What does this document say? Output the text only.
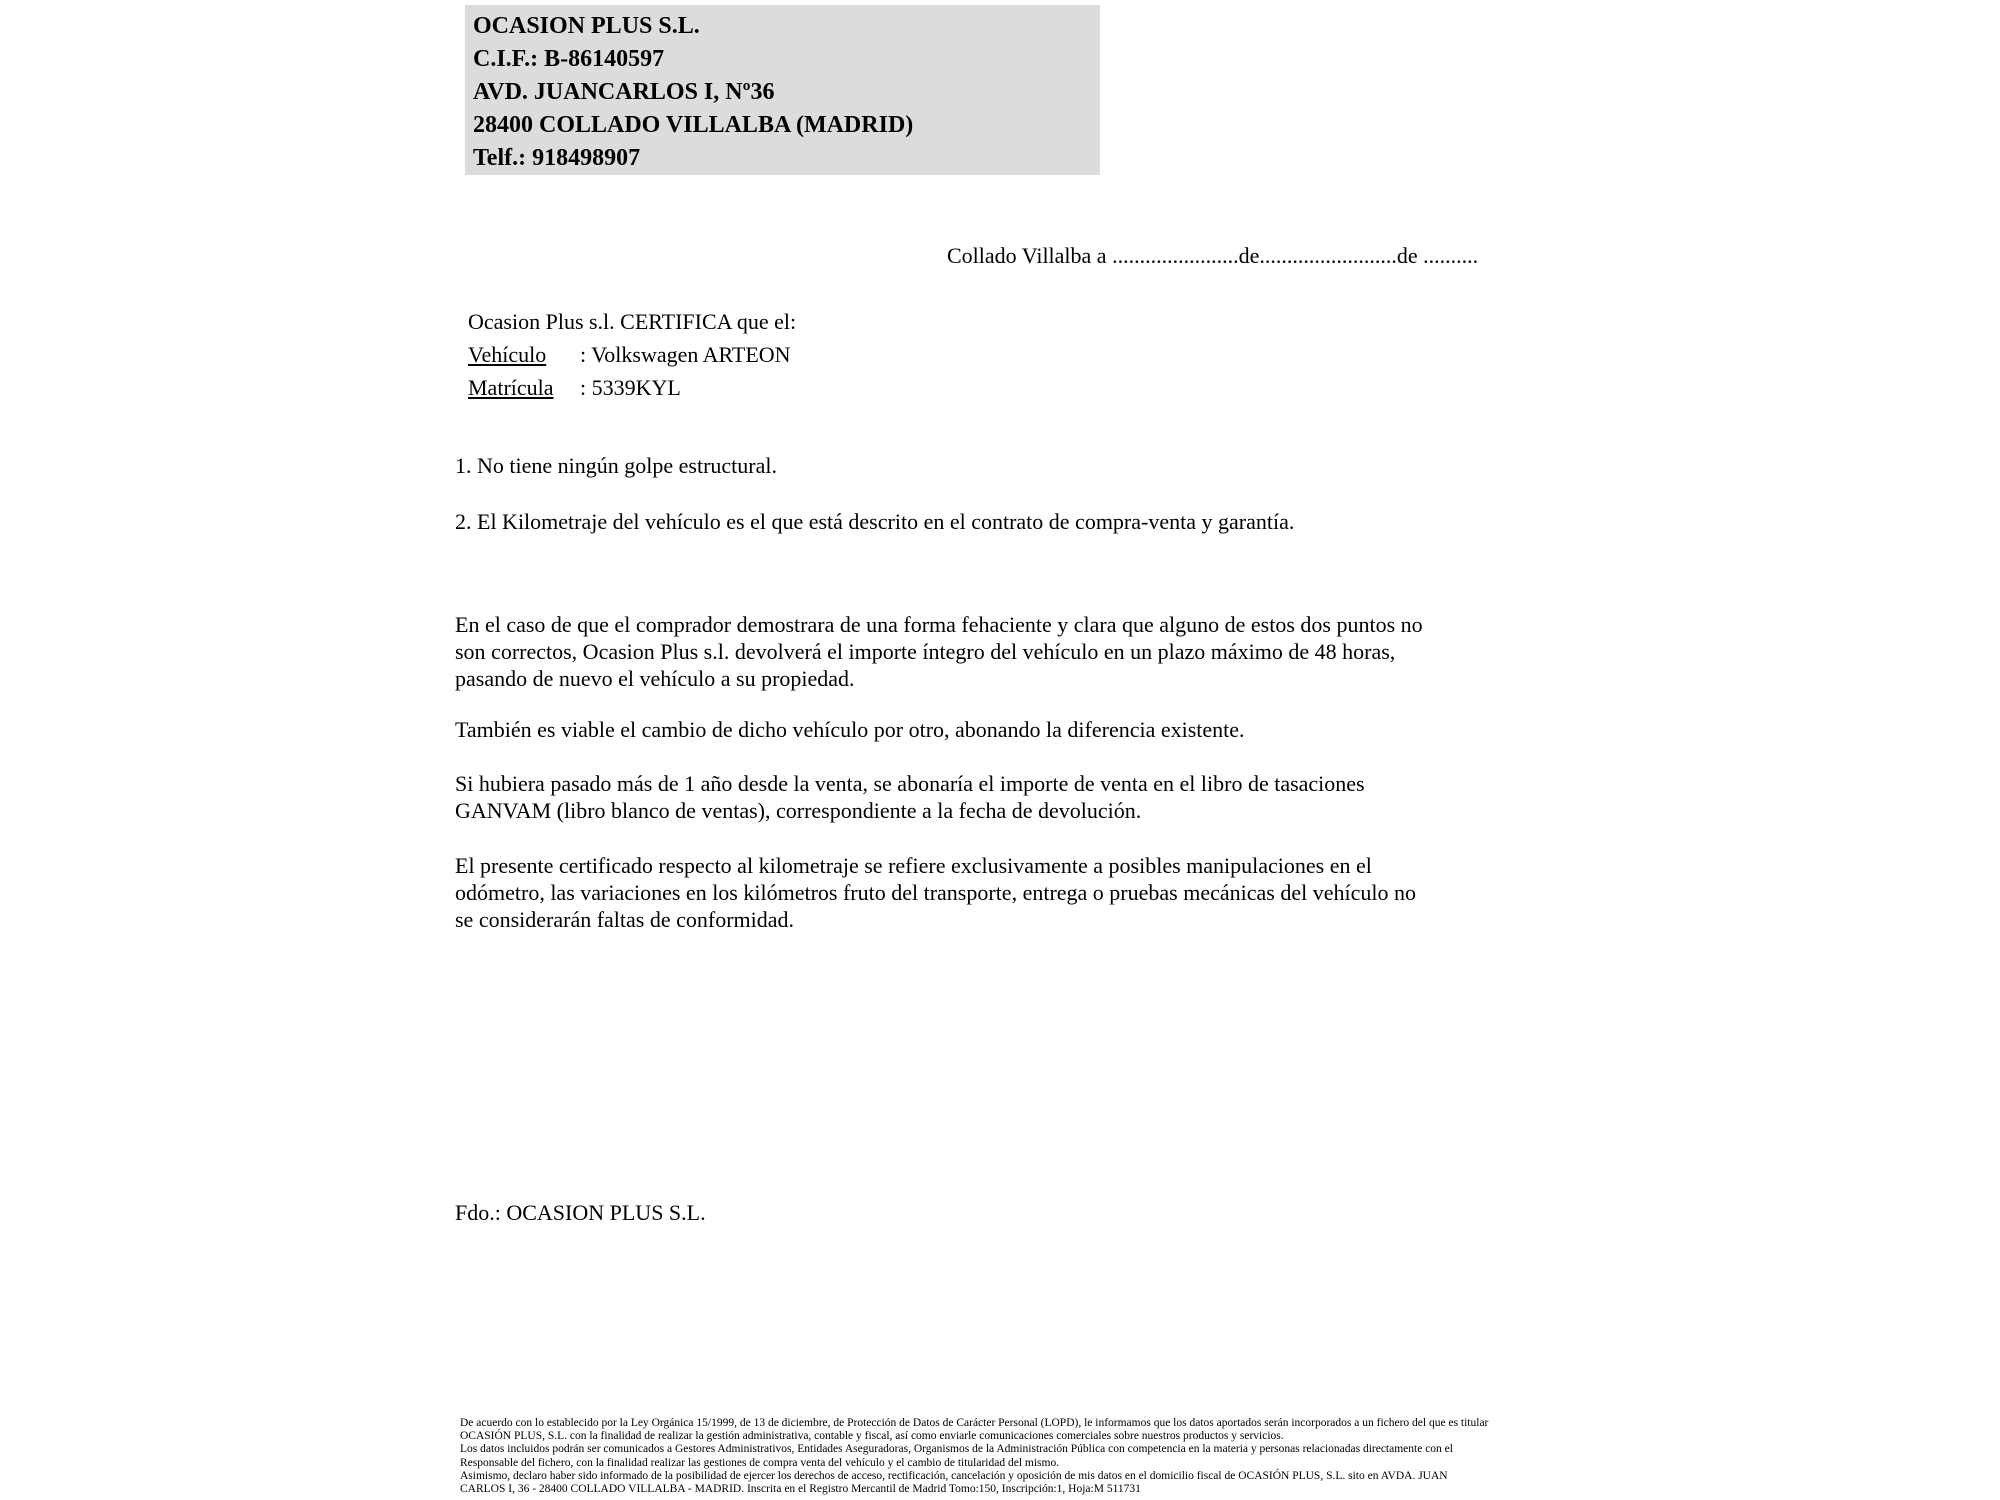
OCASION PLUS S.L.
C.I.F.: B-86140597
AVD. JUANCARLOS I, Nº36
28400 COLLADO VILLALBA (MADRID)
Telf.: 918498907
Collado Villalba a .......................de.........................de ..........
Ocasion Plus s.l. CERTIFICA que el:
Vehículo	: Volkswagen ARTEON
Matrícula	: 5339KYL
1. No tiene ningún golpe estructural.
2. El Kilometraje del vehículo es el que está descrito en el contrato de compra-venta y garantía.
En el caso de que el comprador demostrara de una forma fehaciente y clara que alguno de estos dos puntos no
son correctos, Ocasion Plus s.l. devolverá el importe íntegro del vehículo en un plazo máximo de 48 horas,
pasando de nuevo el vehículo a su propiedad.
También es viable el cambio de dicho vehículo por otro, abonando la diferencia existente.
Si hubiera pasado más de 1 año desde la venta, se abonaría el importe de venta en el libro de tasaciones
GANVAM (libro blanco de ventas), correspondiente a la fecha de devolución.
El presente certificado respecto al kilometraje se refiere exclusivamente a posibles manipulaciones en el
odómetro, las variaciones en los kilómetros fruto del transporte, entrega o pruebas mecánicas del vehículo no
se considerarán faltas de conformidad.
Fdo.: OCASION PLUS S.L.
De acuerdo con lo establecido por la Ley Orgánica 15/1999, de 13 de diciembre, de Protección de Datos de Carácter Personal (LOPD), le informamos que los datos aportados serán incorporados a un fichero del que es titular
OCASIÓN PLUS, S.L. con la finalidad de realizar la gestión administrativa, contable y fiscal, así como enviarle comunicaciones comerciales sobre nuestros productos y servicios.
Los datos incluidos podrán ser comunicados a Gestores Administrativos, Entidades Aseguradoras, Organismos de la Administración Pública con competencia en la materia y personas relacionadas directamente con el
Responsable del fichero, con la finalidad realizar las gestiones de compra venta del vehículo y el cambio de titularidad del mismo.
Asimismo, declaro haber sido informado de la posibilidad de ejercer los derechos de acceso, rectificación, cancelación y oposición de mis datos en el domicilio fiscal de OCASIÓN PLUS, S.L. sito en AVDA. JUAN
CARLOS I, 36 - 28400 COLLADO VILLALBA - MADRID. Inscrita en el Registro Mercantil de Madrid Tomo:150, Inscripción:1, Hoja:M 511731
